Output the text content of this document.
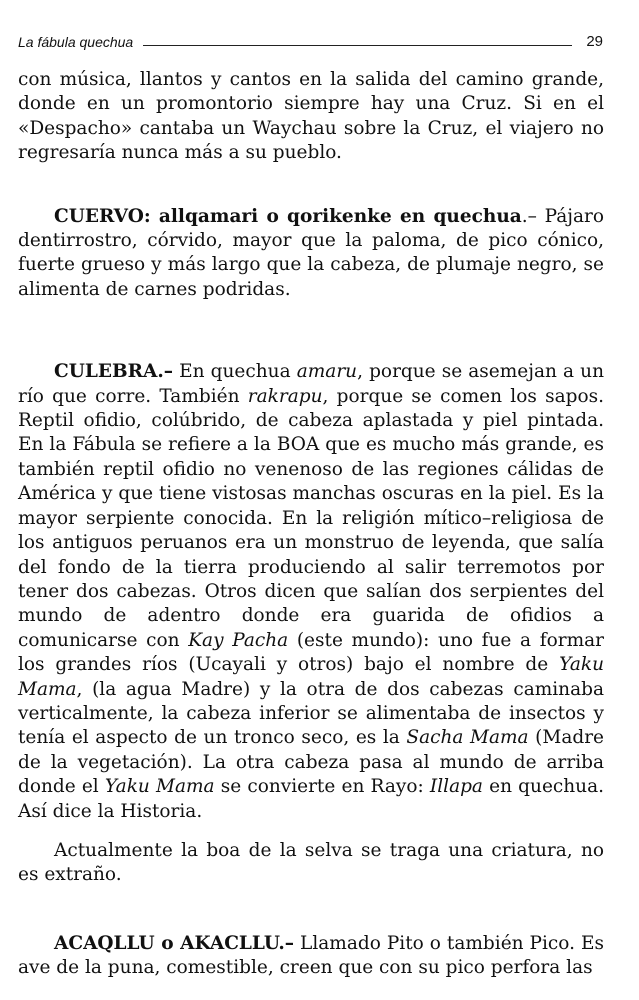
La fábula quechua	29

con música, llantos y cantos en la salida del camino grande, donde en un promontorio siempre hay una Cruz. Si en el «Despacho» cantaba un Waychau sobre la Cruz, el viajero no regresaría nunca más a su pueblo.

CUERVO: allqamari o qorikenke en quechua.– Pájaro dentirrostro, córvido, mayor que la paloma, de pico cónico, fuerte grueso y más largo que la cabeza, de plumaje negro, se alimenta de carnes podridas.

CULEBRA.– En quechua amaru, porque se asemejan a un río que corre. También rakrapu, porque se comen los sapos. Reptil ofidio, colúbrido, de cabeza aplastada y piel pintada. En la Fábula se refiere a la BOA que es mucho más grande, es también reptil ofidio no venenoso de las regiones cálidas de América y que tiene vistosas manchas oscuras en la piel. Es la mayor serpiente conocida. En la religión mítico–religiosa de los antiguos peruanos era un monstruo de leyenda, que salía del fondo de la tierra produciendo al salir terremotos por tener dos cabezas. Otros dicen que salían dos serpientes del mundo de adentro donde era guarida de ofidios a comunicarse con Kay Pacha (este mundo): uno fue a formar los grandes ríos (Ucayali y otros) bajo el nombre de Yaku Mama, (la agua Madre) y la otra de dos cabezas caminaba verticalmente, la cabeza inferior se alimentaba de insectos y tenía el aspecto de un tronco seco, es la Sacha Mama (Madre de la vegetación). La otra cabeza pasa al mundo de arriba donde el Yaku Mama se convierte en Rayo: Illapa en quechua. Así dice la Historia.

Actualmente la boa de la selva se traga una criatura, no es extraño.

ACAQLLU o AKACLLU.– Llamado Pito o también Pico. Es ave de la puna, comestible, creen que con su pico perfora las
